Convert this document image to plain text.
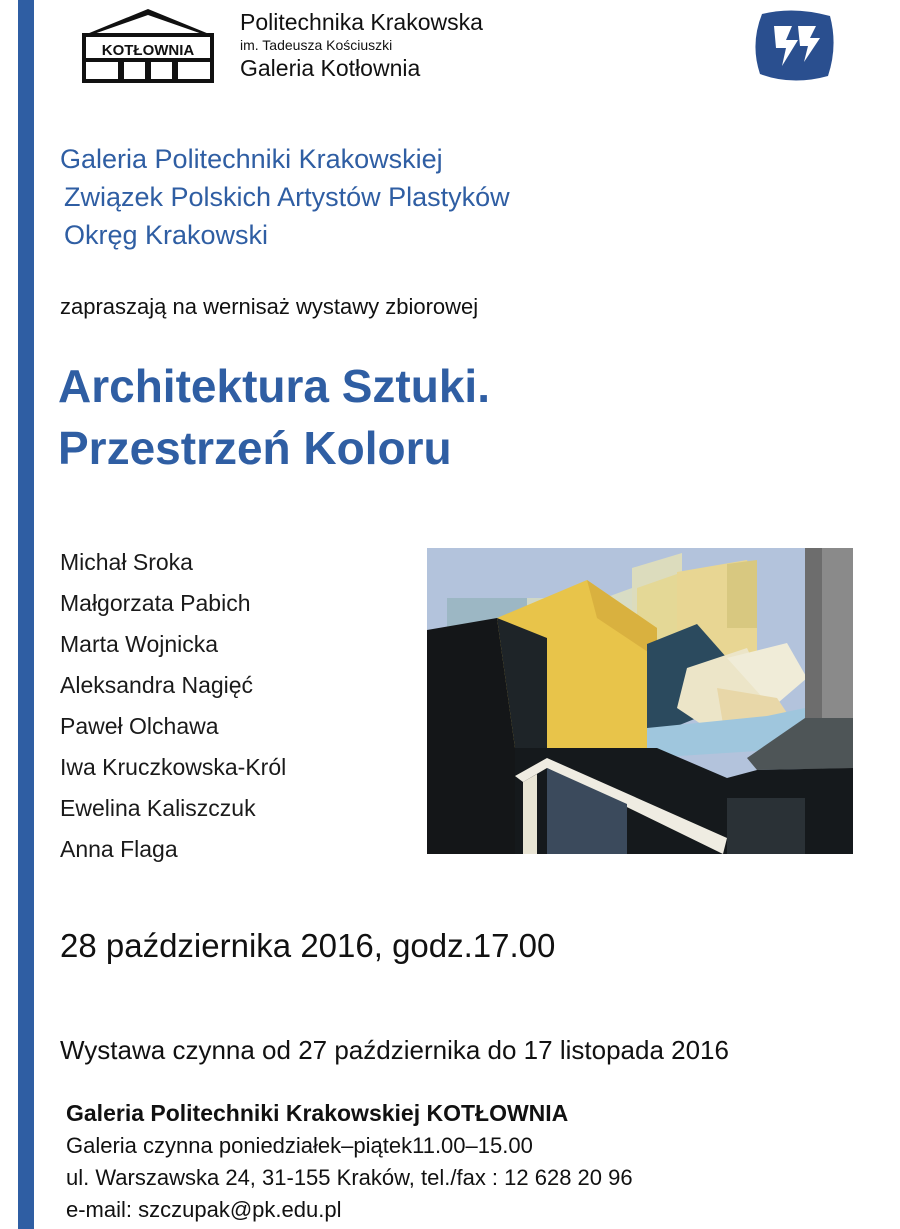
KOTŁOWNIA
Politechnika Krakowska
im. Tadeusza Kościuszki
Galeria Kotłownia
Galeria Politechniki Krakowskiej
Związek Polskich Artystów Plastyków
Okręg Krakowski
zapraszają na wernisaż wystawy zbiorowej
Architektura Sztuki.
Przestrzeń Koloru
Michał Sroka
Małgorzata Pabich
Marta Wojnicka
Aleksandra Nagięć
Paweł Olchawa
Iwa Kruczkowska-Król
Ewelina Kaliszczuk
Anna Flaga
28 października 2016, godz.17.00
Wystawa czynna od 27 października do 17 listopada 2016
Galeria Politechniki Krakowskiej KOTŁOWNIA
Galeria czynna poniedziałek–piątek11.00–15.00
ul. Warszawska 24, 31-155 Kraków, tel./fax : 12 628 20 96
e-mail: szczupak@pk.edu.pl
